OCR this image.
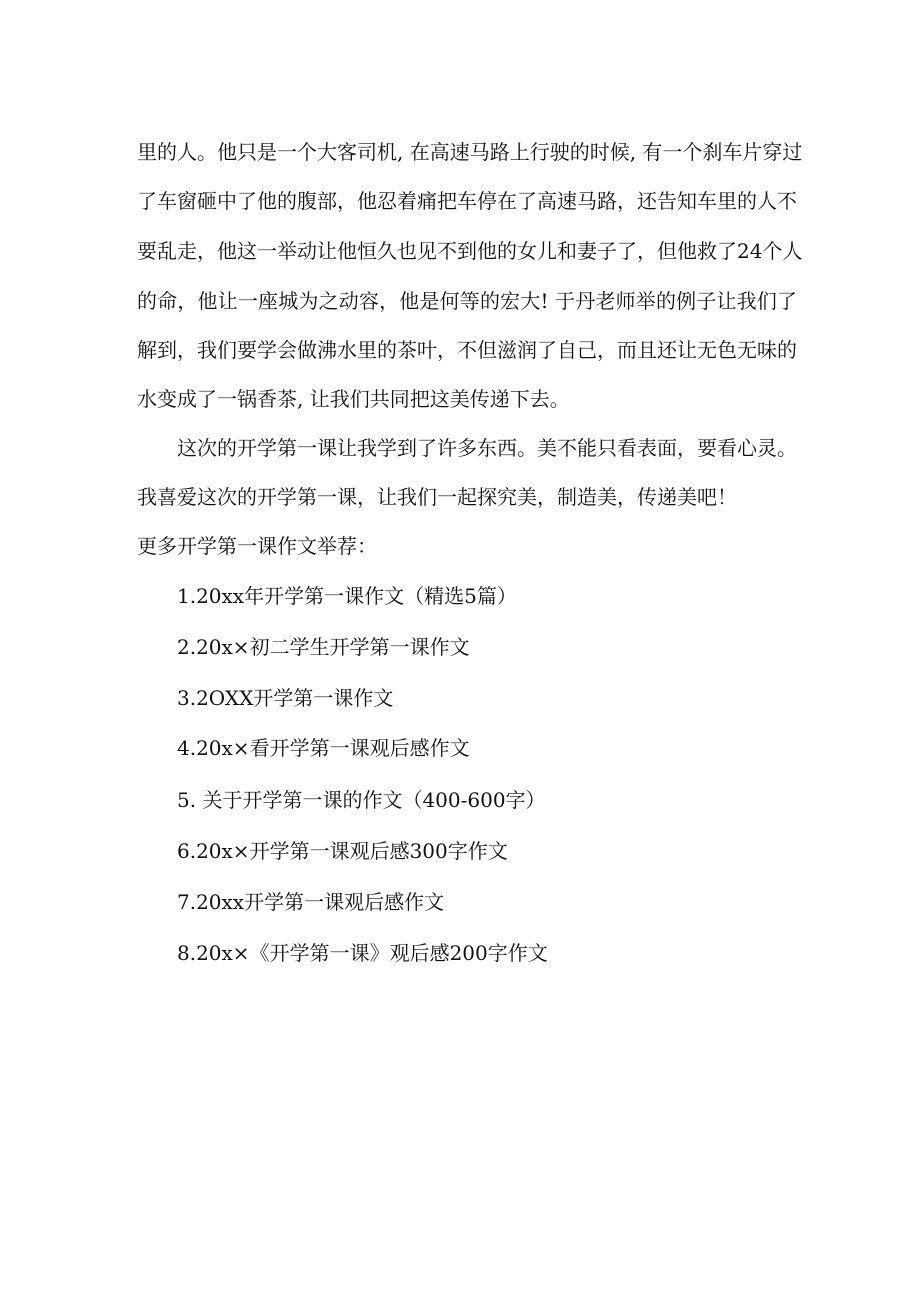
里的人。他只是一个大客司机, 在高速马路上行驶的时候, 有一个刹车片穿过
了车窗砸中了他的腹部，他忍着痛把车停在了高速马路，还告知车里的人不
要乱走，他这一举动让他恒久也见不到他的女儿和妻子了，但他救了24个人
的命，他让一座城为之动容，他是何等的宏大! 于丹老师举的例子让我们了
解到，我们要学会做沸水里的茶叶，不但滋润了自己，而且还让无色无味的
水变成了一锅香茶, 让我们共同把这美传递下去。
这次的开学第一课让我学到了许多东西。美不能只看表面，要看心灵。
我喜爱这次的开学第一课，让我们一起探究美，制造美，传递美吧！
更多开学第一课作文举荐：
1.20xx年开学第一课作文（精选5篇）
2.20x×初二学生开学第一课作文
3.2OXX开学第一课作文
4.20x×看开学第一课观后感作文
5. 关于开学第一课的作文（400-600字）
6.20x×开学第一课观后感300字作文
7.20xx开学第一课观后感作文
8.20x×《开学第一课》观后感200字作文
